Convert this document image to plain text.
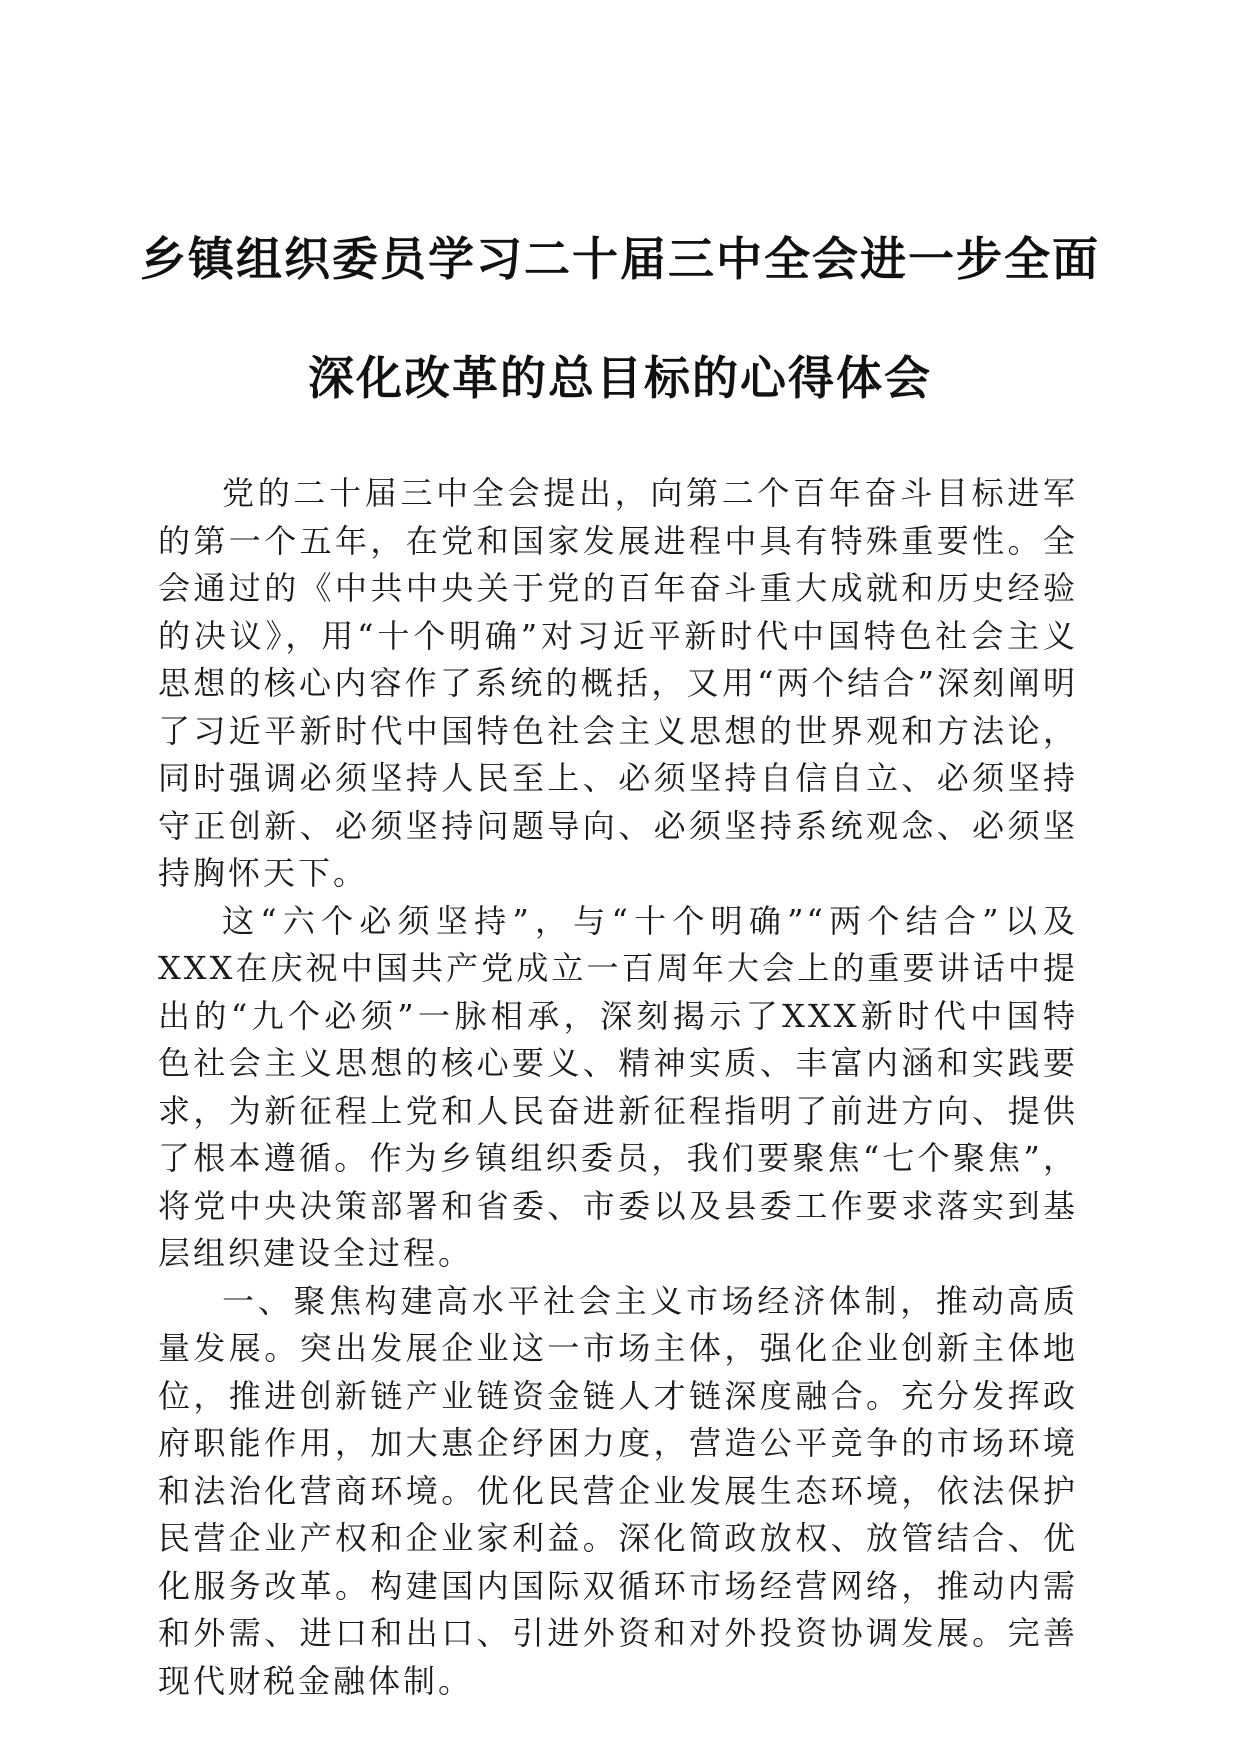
乡镇组织委员学习二十届三中全会进一步全面
深化改革的总目标的心得体会

党的二十届三中全会提出，向第二个百年奋斗目标进军的第一个五年，在党和国家发展进程中具有特殊重要性。全会通过的《中共中央关于党的百年奋斗重大成就和历史经验的决议》，用“十个明确”对习近平新时代中国特色社会主义思想的核心内容作了系统的概括，又用“两个结合”深刻阐明了习近平新时代中国特色社会主义思想的世界观和方法论，同时强调必须坚持人民至上、必须坚持自信自立、必须坚持守正创新、必须坚持问题导向、必须坚持系统观念、必须坚持胸怀天下。

这“六个必须坚持”，与“十个明确”“两个结合”以及XXX在庆祝中国共产党成立一百周年大会上的重要讲话中提出的“九个必须”一脉相承，深刻揭示了XXX新时代中国特色社会主义思想的核心要义、精神实质、丰富内涵和实践要求，为新征程上党和人民奋进新征程指明了前进方向、提供了根本遵循。作为乡镇组织委员，我们要聚焦“七个聚焦”，将党中央决策部署和省委、市委以及县委工作要求落实到基层组织建设全过程。

一、聚焦构建高水平社会主义市场经济体制，推动高质量发展。突出发展企业这一市场主体，强化企业创新主体地位，推进创新链产业链资金链人才链深度融合。充分发挥政府职能作用，加大惠企纾困力度，营造公平竞争的市场环境和法治化营商环境。优化民营企业发展生态环境，依法保护民营企业产权和企业家利益。深化简政放权、放管结合、优化服务改革。构建国内国际双循环市场经营网络，推动内需和外需、进口和出口、引进外资和对外投资协调发展。完善现代财税金融体制。
